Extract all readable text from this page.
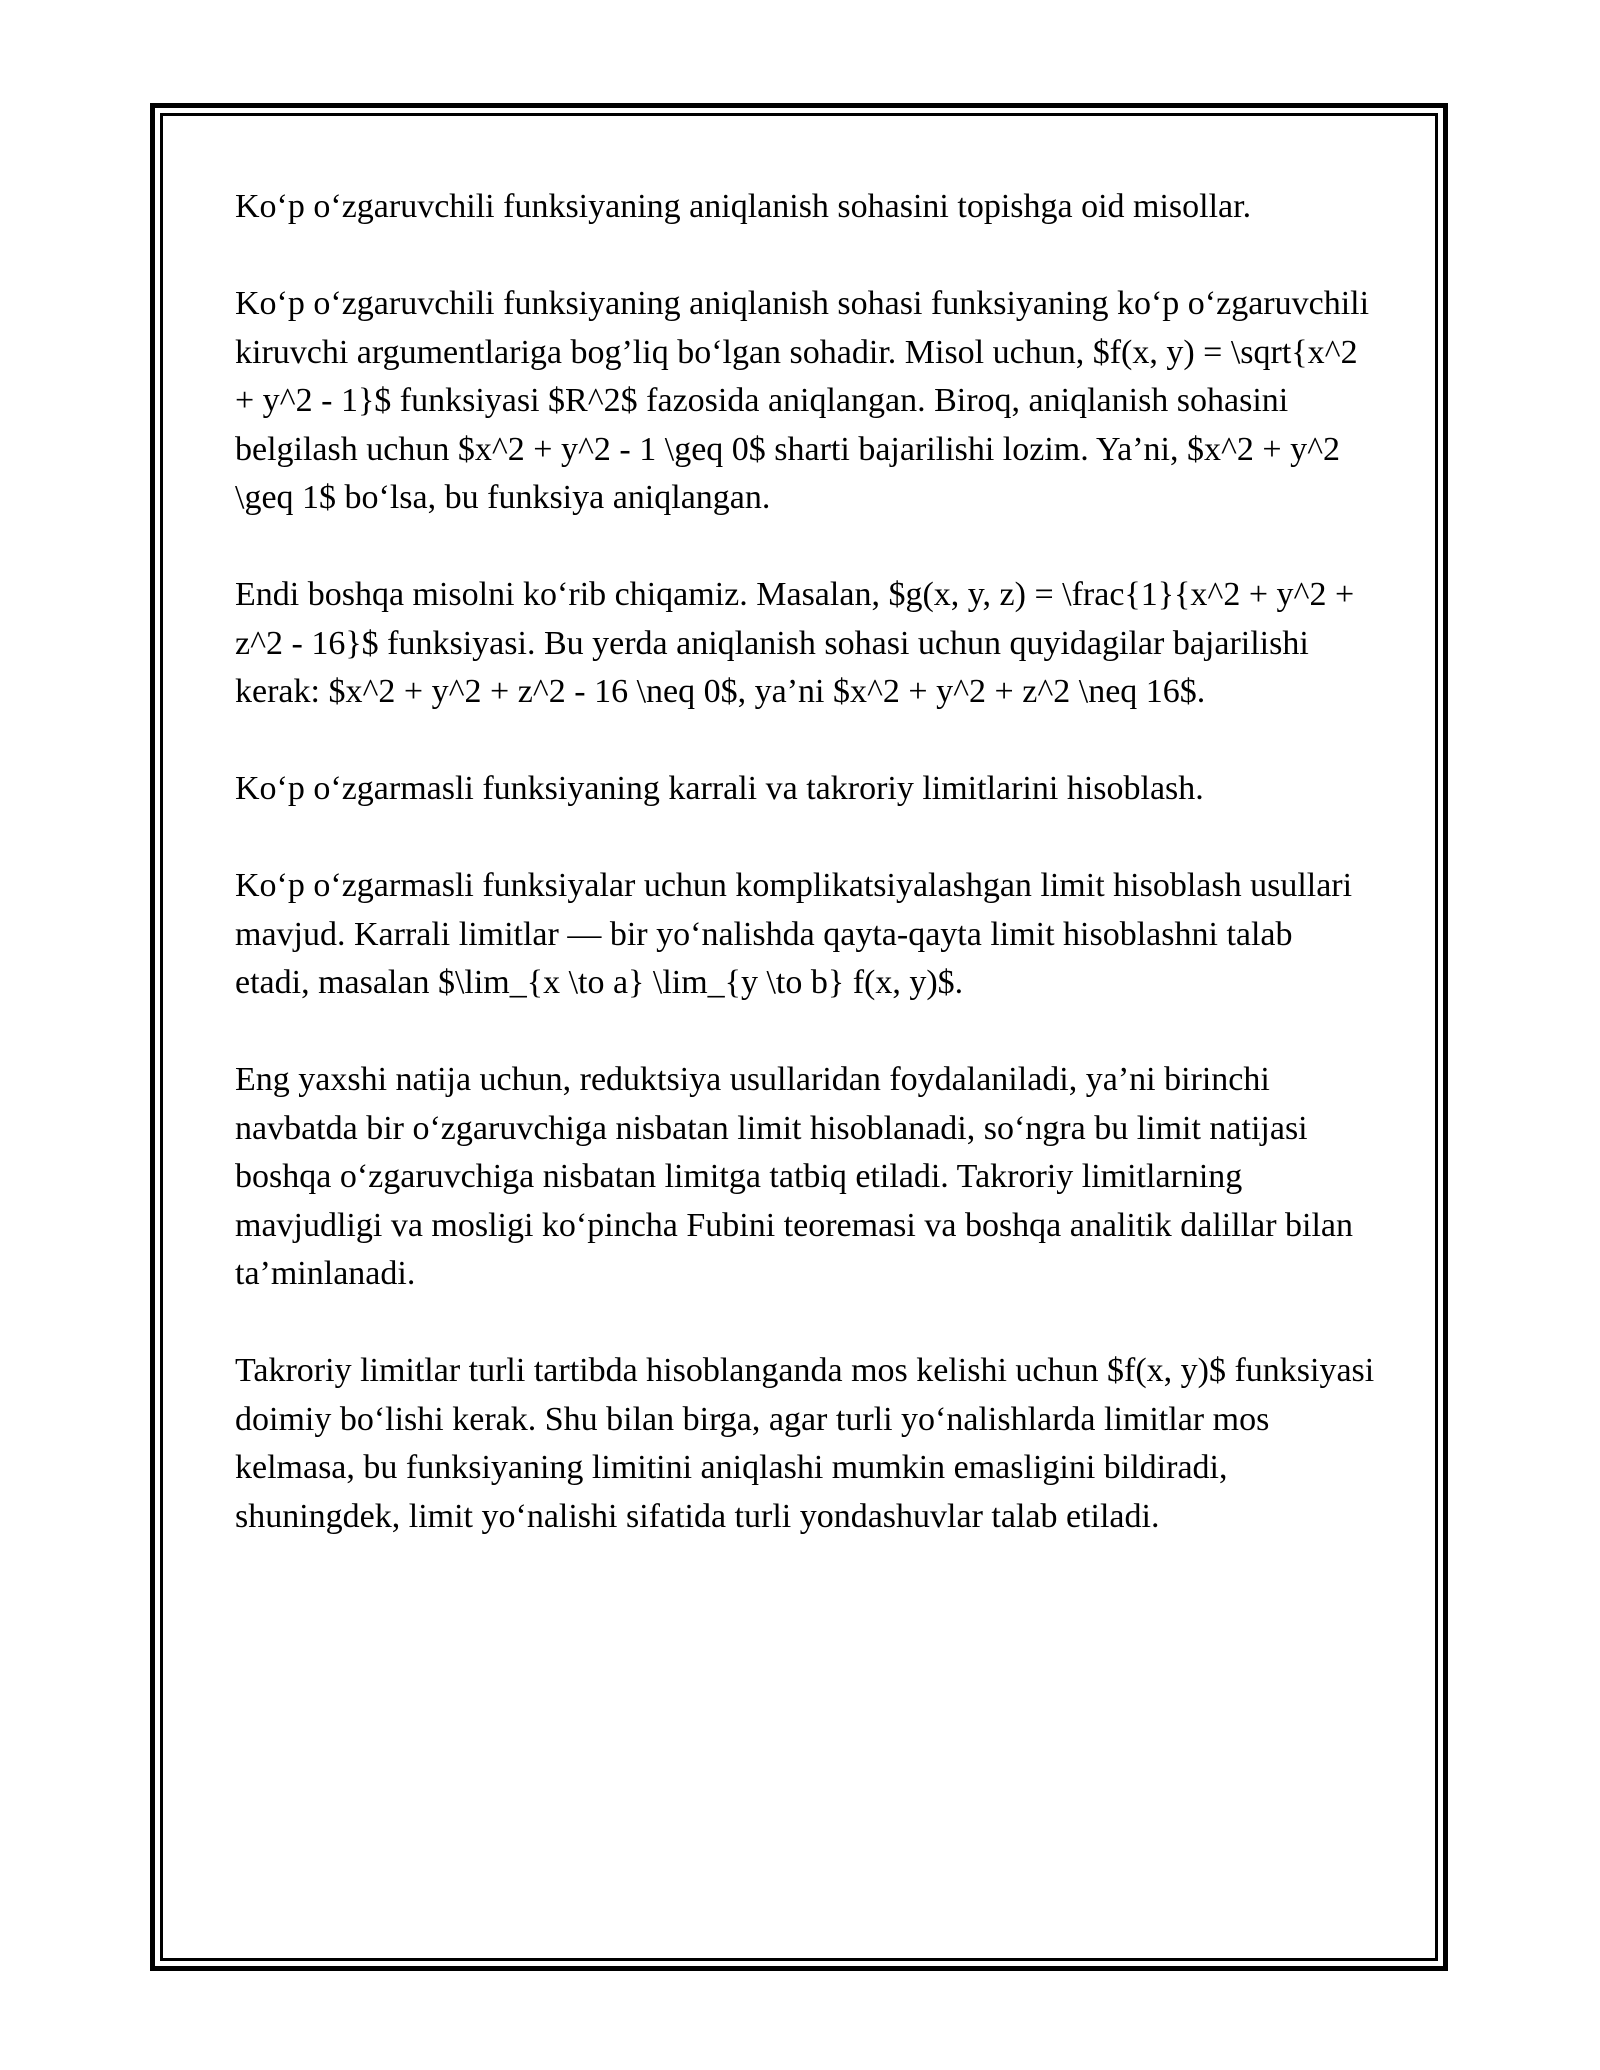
Ko‘p o‘zgaruvchili funksiyaning aniqlanish sohasini topishga oid misollar.

Ko‘p o‘zgaruvchili funksiyaning aniqlanish sohasi funksiyaning ko‘p o‘zgaruvchili kiruvchi argumentlariga bog’liq bo‘lgan sohadir. Misol uchun, $f(x, y) = \sqrt{x^2 + y^2 - 1}$ funksiyasi $R^2$ fazosida aniqlangan. Biroq, aniqlanish sohasini belgilash uchun $x^2 + y^2 - 1 \geq 0$ sharti bajarilishi lozim. Ya’ni, $x^2 + y^2 \geq 1$ bo‘lsa, bu funksiya aniqlangan.

Endi boshqa misolni ko‘rib chiqamiz. Masalan, $g(x, y, z) = \frac{1}{x^2 + y^2 + z^2 - 16}$ funksiyasi. Bu yerda aniqlanish sohasi uchun quyidagilar bajarilishi kerak: $x^2 + y^2 + z^2 - 16 \neq 0$, ya’ni $x^2 + y^2 + z^2 \neq 16$.

Ko‘p o‘zgarmasli funksiyaning karrali va takroriy limitlarini hisoblash.

Ko‘p o‘zgarmasli funksiyalar uchun komplikatsiyalashgan limit hisoblash usullari mavjud. Karrali limitlar — bir yo‘nalishda qayta-qayta limit hisoblashni talab etadi, masalan $\lim_{x \to a} \lim_{y \to b} f(x, y)$.

Eng yaxshi natija uchun, reduktsiya usullaridan foydalaniladi, ya’ni birinchi navbatda bir o‘zgaruvchiga nisbatan limit hisoblanadi, so‘ngra bu limit natijasi boshqa o‘zgaruvchiga nisbatan limitga tatbiq etiladi. Takroriy limitlarning mavjudligi va mosligi ko‘pincha Fubini teoremasi va boshqa analitik dalillar bilan ta’minlanadi.

Takroriy limitlar turli tartibda hisoblanganda mos kelishi uchun $f(x, y)$ funksiyasi doimiy bo‘lishi kerak. Shu bilan birga, agar turli yo‘nalishlarda limitlar mos kelmasa, bu funksiyaning limitini aniqlashi mumkin emasligini bildiradi, shuningdek, limit yo‘nalishi sifatida turli yondashuvlar talab etiladi.
